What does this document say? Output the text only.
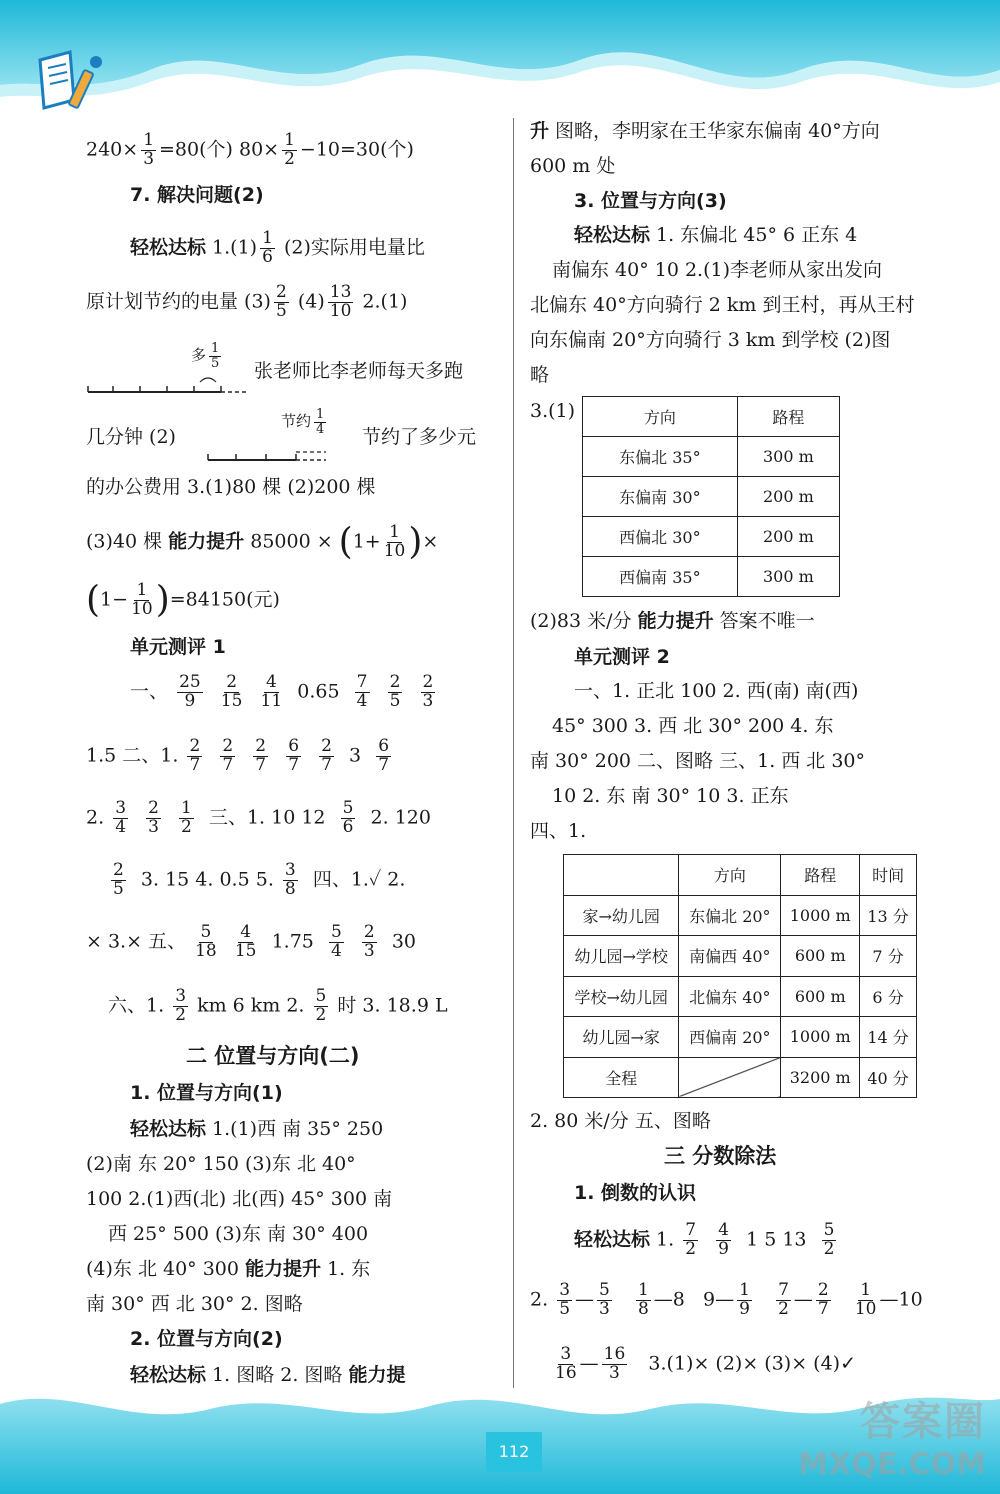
$240\times \frac{1}{3} =80$(个) $80\times \frac{1}{2} -10=30$(个)
7. 解决问题(2)
轻松达标 $1.(1) \frac{1}{6} (2)$实际用电量比
原计划节约的电量 $(3) \frac{2}{5} (4) \frac{13}{10} 2.(1)$
多 $\frac{1}{5}$
张老师比李老师每天多跑
几分钟 (2)
节约 $\frac{1}{4}$
节约了多少元
的办公费用 3.(1)80 棵 (2)200 棵
(3)40 棵 能力提升 $85000 \times (1+ \frac{1}{10}$ )×
$(1- \frac{1}{10} )=84150$(元)
单元测评 1
一、 $\frac{25}{9}$
$\frac{2}{15}$
$\frac{4}{11} 0.65 \frac{7}{4}$
$\frac{2}{5}$
$\frac{2}{3}$
1.5 二、1. $\frac{2}{7}$
$\frac{2}{7}$
$\frac{2}{7}$
$\frac{6}{7}$
$\frac{2}{7} 3 \frac{6}{7}$
2. $\frac{3}{4}$
$\frac{2}{3}$
$\frac{1}{2}$ 三、1. 10 $12 \frac{5}{6} 2$. 120
$\frac{2}{5} 3$. 15 4. 0.5 5. $\frac{3}{8}$ 四、1.✓ 2.
× 3.× 五、 $\frac{5}{18}$
$\frac{4}{15} 1.75 \frac{5}{4}$
$\frac{2}{3} 30$
六、1. $\frac{3}{2}$ km 6 km 2. $\frac{5}{2}$ 时 3. 18.9 L
二 位置与方向(二)
1. 位置与方向(1)
轻松达标 1.(1)西 南 35° 250
(2)南 东 20° 150 (3)东 北 40°
100 2.(1)西(北) 北(西) 45° 300 南
西 25° 500 (3)东 南 30° 400
(4)东 北 40° 300 能力提升 1. 东
南 30° 西 北 30° 2. 图略
2. 位置与方向(2)
轻松达标 1. 图略 2. 图略 能力提
升 图略，李明家在王华家东偏南 40°方向
600 m 处
3. 位置与方向(3)
轻松达标 1. 东偏北 45° 6 正东 4
南偏东 40° 10 2.(1)李老师从家出发向
北偏东 40°方向骑行 2 km 到王村，再从王村
向东偏南 20°方向骑行 3 km 到学校 (2)图
略
3.(1)	方向	路程
东偏北 35°	300 m
东偏南 30°	200 m
西偏北 30°	200 m
西偏南 35°	300 m
(2)83 米/分 能力提升 答案不唯一
单元测评 2
一、1. 正北 100 2. 西(南) 南(西)
45° 300 3. 西 北 30° 200 4. 东
南 30° 200 二、图略 三、1. 西 北 30°
10 2. 东 南 30° 10 3. 正东
四、1.
	方向	路程	时间
家→幼儿园	东偏北 20°	1000 m	13 分
幼儿园→学校	南偏西 40°	600 m	7 分
学校→幼儿园	北偏东 40°	600 m	6 分
幼儿园→家	西偏南 20°	1000 m	14 分
全程		3200 m	40 分
2. 80 米/分 五、图略
三 分数除法
1. 倒数的认识
轻松达标 1. $\frac{7}{2}$
$\frac{4}{9} 1$ 5 $13 \frac{5}{2}$
2. $\frac{3}{5}$ — $\frac{5}{3}$
$\frac{1}{8}$ —8 9— $\frac{1}{9}$
$\frac{7}{2}$ — $\frac{2}{7}$
$\frac{1}{10}$ —10
$\frac{3}{16}$ — $\frac{16}{3} 3.(1)\times (2)\times (3)\times$ (4)✓
112
答案圈
MXQE.COM
